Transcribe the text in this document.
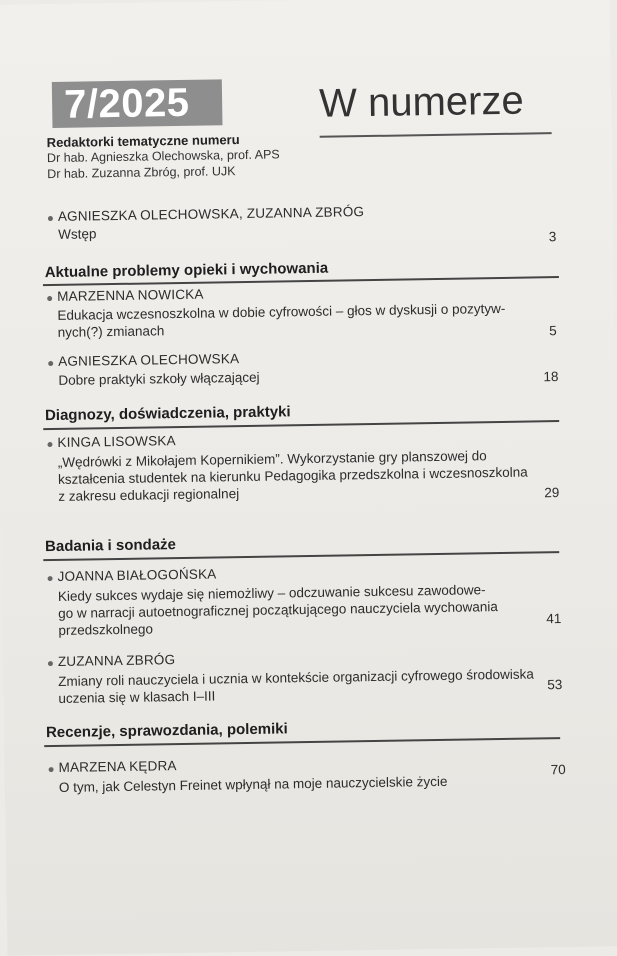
7/2025	W numerze
Redaktorki tematyczne numeru
Dr hab. Agnieszka Olechowska, prof. APS
Dr hab. Zuzanna Zbróg, prof. UJK
AGNIESZKA OLECHOWSKA, ZUZANNA ZBRÓG
Wstęp	3
Aktualne problemy opieki i wychowania
MARZENNA NOWICKA
Edukacja wczesnoszkolna w dobie cyfrowości – głos w dyskusji o pozytyw-
nych(?) zmianach	5
AGNIESZKA OLECHOWSKA
Dobre praktyki szkoły włączającej	18
Diagnozy, doświadczenia, praktyki
KINGA LISOWSKA
„Wędrówki z Mikołajem Kopernikiem”. Wykorzystanie gry planszowej do
kształcenia studentek na kierunku Pedagogika przedszkolna i wczesnoszkolna
z zakresu edukacji regionalnej	29
Badania i sondaże
JOANNA BIAŁOGOŃSKA
Kiedy sukces wydaje się niemożliwy – odczuwanie sukcesu zawodowe-
go w narracji autoetnograficznej początkującego nauczyciela wychowania
przedszkolnego
41
ZUZANNA ZBRÓG
Zmiany roli nauczyciela i ucznia w kontekście organizacji cyfrowego środowiska
uczenia się w klasach I–III
53
Recenzje, sprawozdania, polemiki
MARZENA KĘDRA
O tym, jak Celestyn Freinet wpłynął na moje nauczycielskie życie
70
